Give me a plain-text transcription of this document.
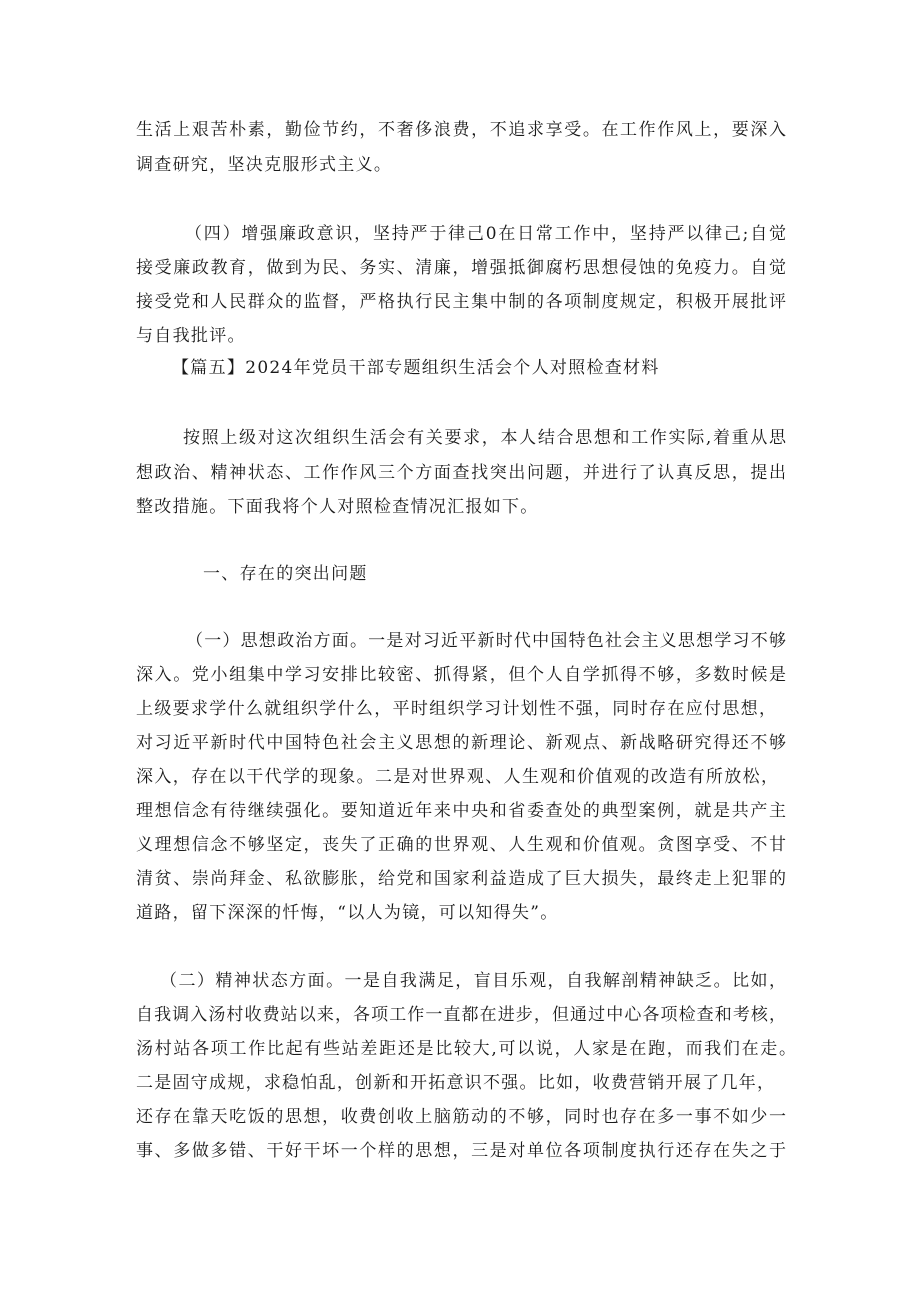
生活上艰苦朴素，勤俭节约，不奢侈浪费，不追求享受。在工作作风上，要深入
调查研究，坚决克服形式主义。
（四）增强廉政意识，坚持严于律己0在日常工作中，坚持严以律己;自觉
接受廉政教育，做到为民、务实、清廉，增强抵御腐朽思想侵蚀的免疫力。自觉
接受党和人民群众的监督，严格执行民主集中制的各项制度规定，积极开展批评
与自我批评。
【篇五】2024年党员干部专题组织生活会个人对照检查材料
按照上级对这次组织生活会有关要求，本人结合思想和工作实际,着重从思
想政治、精神状态、工作作风三个方面查找突出问题，并进行了认真反思，提出
整改措施。下面我将个人对照检查情况汇报如下。
一、存在的突出问题
（一）思想政治方面。一是对习近平新时代中国特色社会主义思想学习不够
深入。党小组集中学习安排比较密、抓得紧，但个人自学抓得不够，多数时候是
上级要求学什么就组织学什么，平时组织学习计划性不强，同时存在应付思想，
对习近平新时代中国特色社会主义思想的新理论、新观点、新战略研究得还不够
深入，存在以干代学的现象。二是对世界观、人生观和价值观的改造有所放松，
理想信念有待继续强化。要知道近年来中央和省委查处的典型案例，就是共产主
义理想信念不够坚定，丧失了正确的世界观、人生观和价值观。贪图享受、不甘
清贫、崇尚拜金、私欲膨胀，给党和国家利益造成了巨大损失，最终走上犯罪的
道路，留下深深的忏悔，“以人为镜，可以知得失”。
（二）精神状态方面。一是自我满足，盲目乐观，自我解剖精神缺乏。比如，
自我调入汤村收费站以来，各项工作一直都在进步，但通过中心各项检查和考核，
汤村站各项工作比起有些站差距还是比较大,可以说，人家是在跑，而我们在走。
二是固守成规，求稳怕乱，创新和开拓意识不强。比如，收费营销开展了几年，
还存在靠天吃饭的思想，收费创收上脑筋动的不够，同时也存在多一事不如少一
事、多做多错、干好干坏一个样的思想，三是对单位各项制度执行还存在失之于
